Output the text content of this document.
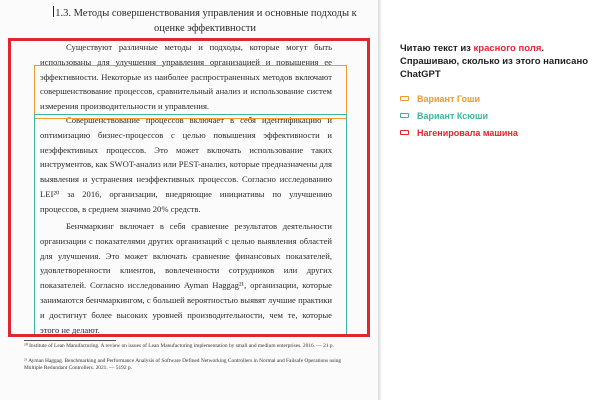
1.3. Методы совершенствования управления и основные подходы к оценке эффективности

Существуют различные методы и подходы, которые могут быть использованы для улучшения управления организацией и повышения ее эффективности. Некоторые из наиболее распространенных методов включают совершенствование процессов, сравнительный анализ и использование систем измерения производительности и управления.

Совершенствование процессов включает в себя идентификацию и оптимизацию бизнес-процессов с целью повышения эффективности и неэффективных процессов. Это может включать использование таких инструментов, как SWOT-анализ или PEST-анализ, которые предназначены для выявления и устранения неэффективных процессов. Согласно исследованию LEI²⁰ за 2016, организации, внедряющие инициативы по улучшению процессов, в среднем значимо 20% средств.

Бенчмаркинг включает в себя сравнение результатов деятельности организации с показателями других организаций с целью выявления областей для улучшения. Это может включать сравнение финансовых показателей, удовлетворенности клиентов, вовлеченности сотрудников или других показателей. Согласно исследованию Ayman Haggag²¹, организации, которые занимаются бенчмаркингом, с большей вероятностью выявят лучшие практики и достигнут более высоких уровней производительности, чем те, которые этого не делают.

²⁰ Institute of Lean Manufacturing. A review on issues of Lean Manufacturing implementation by small and medium enterprises. 2016. — 21 p.

²¹ Ayman Haggag. Benchmarking and Performance Analysis of Software Defined Networking Controllers in Normal and Failsafe Operations using Multiple Redundant Controllers. 2021. — 5192 p.

Читаю текст из красного поля. Спрашиваю, сколько из этого написано ChatGPT

Вариант Гоши
Вариант Ксюши
Нагенировала машина
